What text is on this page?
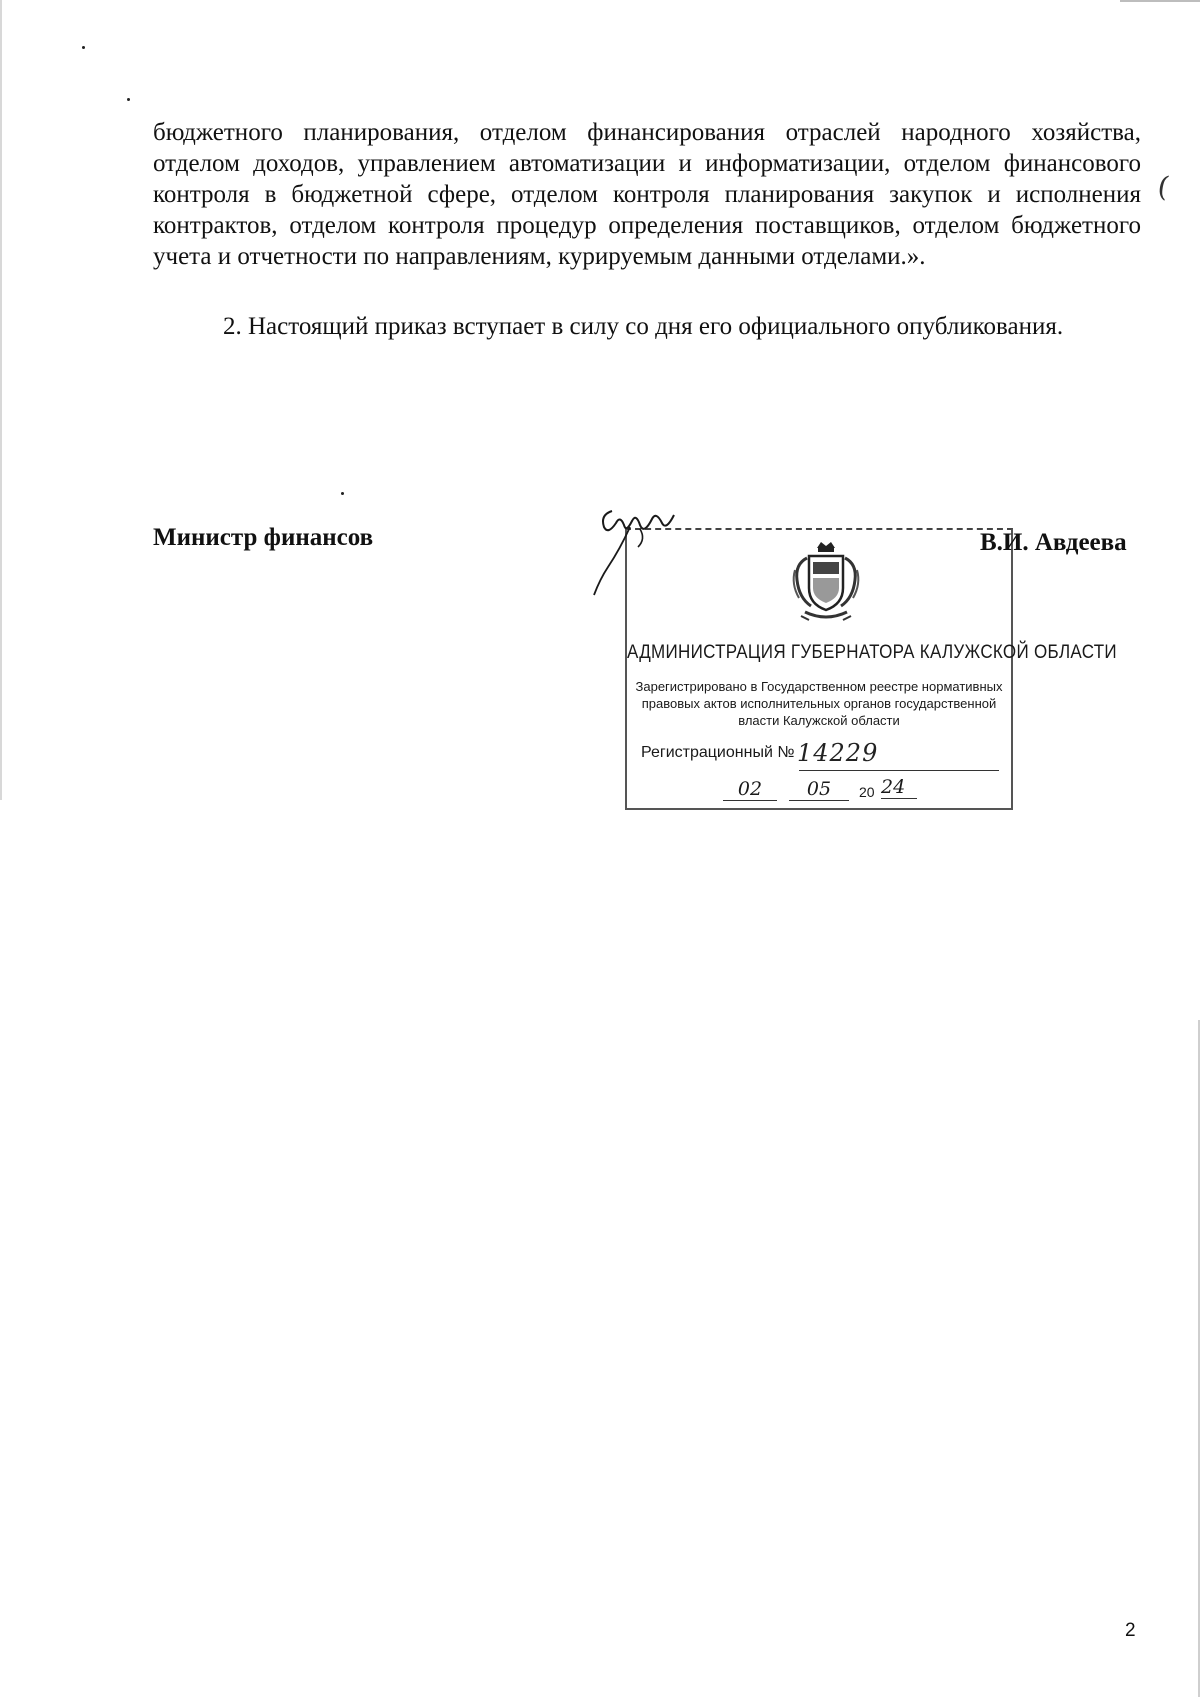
бюджетного планирования, отделом финансирования отраслей народного хозяйства, отделом доходов, управлением автоматизации и информатизации, отделом финансового контроля в бюджетной сфере, отделом контроля планирования закупок и исполнения контрактов, отделом контроля процедур определения поставщиков, отделом бюджетного учета и отчетности по направлениям, курируемым данными отделами.».

2. Настоящий приказ вступает в силу со дня его официального опубликования.

(

Министр финансов

АДМИНИСТРАЦИЯ ГУБЕРНАТОРА КАЛУЖСКОЙ ОБЛАСТИ
Зарегистрировано в Государственном реестре нормативных правовых актов исполнительных органов государственной власти Калужской области
Регистрационный № 14229
02	05	20 24

В.И. Авдеева

2
